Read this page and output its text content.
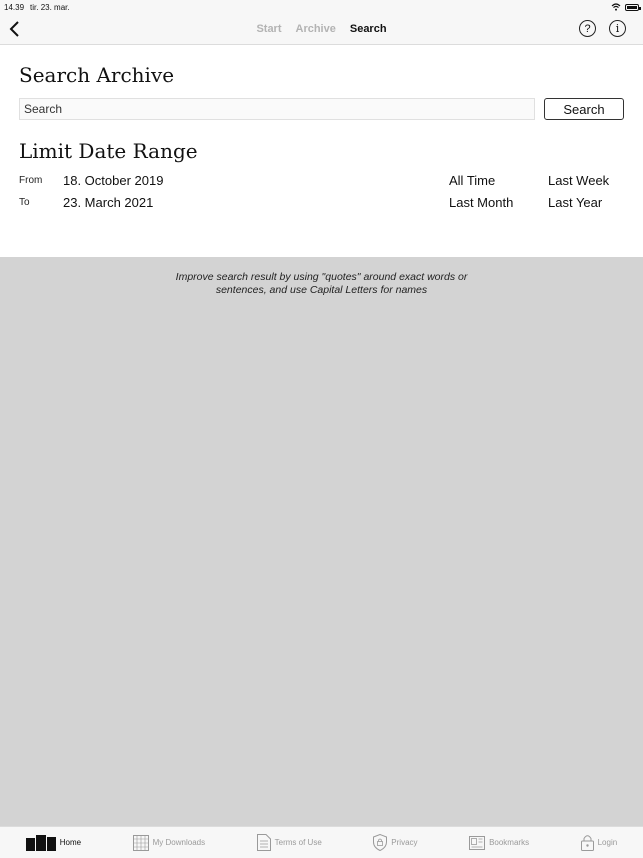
14.39 tir. 23. mar.
Start Archive Search	? i
Search Archive
Search
Search
Limit Date Range
From 18. October 2019
To	23. March 2021
All Time	Last Week
Last Month	Last Year

Improve search result by using "quotes" around exact words or
sentences, and use Capital Letters for names

Home	My Downloads	Terms of Use	Privacy	Bookmarks	Login
